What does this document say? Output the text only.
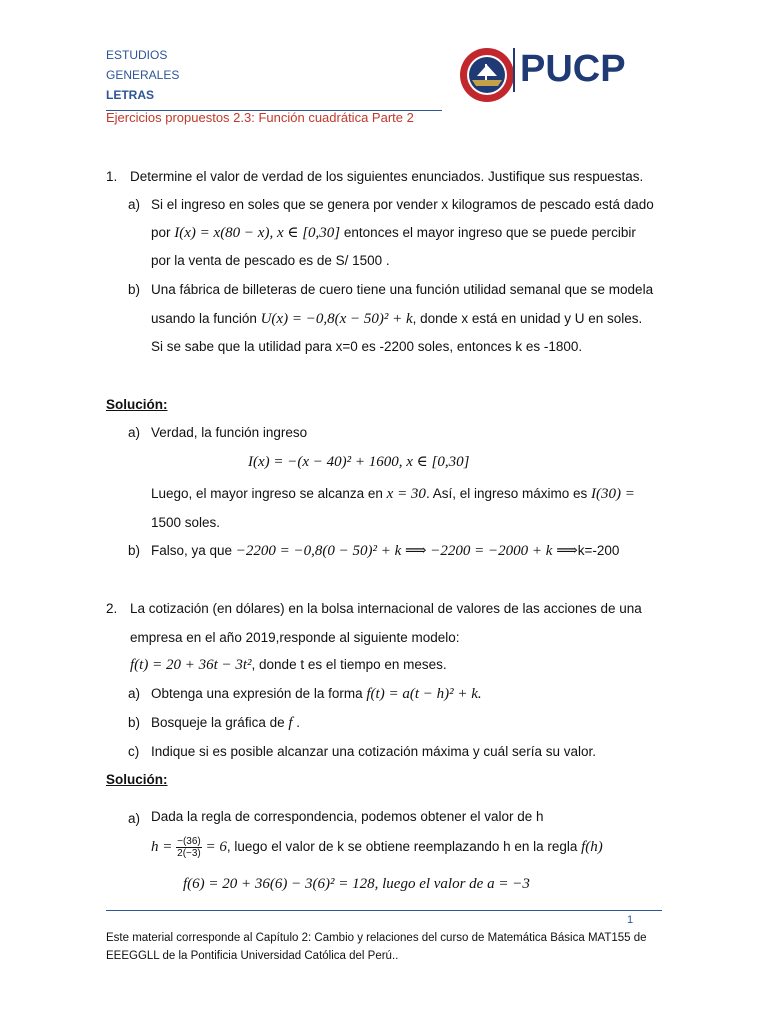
ESTUDIOS
GENERALES
LETRAS
PUCP
Ejercicios propuestos 2.3: Función cuadrática Parte 2
1. Determine el valor de verdad de los siguientes enunciados. Justifique sus respuestas.
a) Si el ingreso en soles que se genera por vender x kilogramos de pescado está dado
por I(x) = x(80 − x), x ∈ [0,30] entonces el mayor ingreso que se puede percibir
por la venta de pescado es de S/ 1500 .
b) Una fábrica de billeteras de cuero tiene una función utilidad semanal que se modela
usando la función U(x) = −0,8(x − 50)² + k, donde x está en unidad y U en soles.
Si se sabe que la utilidad para x=0 es -2200 soles, entonces k es -1800.
Solución:
a) Verdad, la función ingreso
I(x) = −(x − 40)² + 1600, x ∈ [0,30]
Luego, el mayor ingreso se alcanza en x = 30. Así, el ingreso máximo es I(30) =
1500 soles.
b) Falso, ya que −2200 = −0,8(0 − 50)² + k ⟹ −2200 = −2000 + k ⟹k=-200
2. La cotización (en dólares) en la bolsa internacional de valores de las acciones de una
empresa en el año 2019,responde al siguiente modelo:
f(t) = 20 + 36t − 3t², donde t es el tiempo en meses.
a) Obtenga una expresión de la forma f(t) = a(t − h)² + k.
b) Bosqueje la gráfica de f .
c) Indique si es posible alcanzar una cotización máxima y cuál sería su valor.
Solución:
a) Dada la regla de correspondencia, podemos obtener el valor de h
$h = \frac{-(36)}{2(-3)} = 6$, luego el valor de k se obtiene reemplazando h en la regla f(h)
f(6) = 20 + 36(6) − 3(6)² = 128, luego el valor de a = −3
1
Este material corresponde al Capítulo 2: Cambio y relaciones del curso de Matemática Básica MAT155 de
EEEGGLL de la Pontificia Universidad Católica del Perú..
